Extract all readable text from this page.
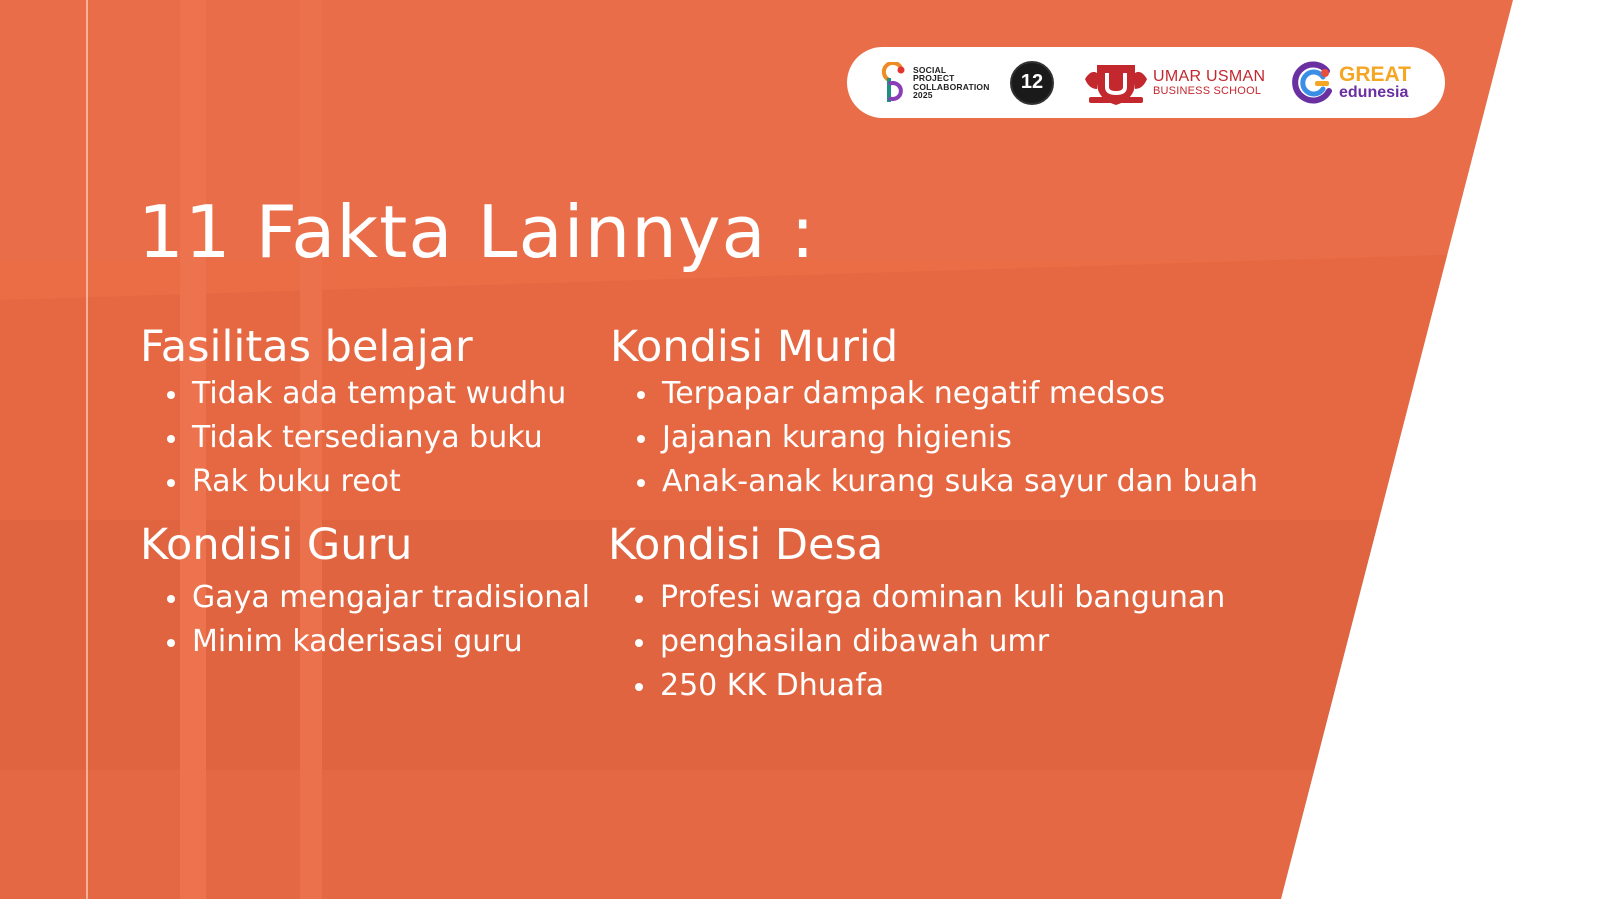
SOCIAL
PROJECT
COLLABORATION
2025
12	UMAR USMAN
BUSINESS SCHOOL
GREAT
edunesia
11 Fakta Lainnya :
Fasilitas belajar
Tidak ada tempat wudhu
Tidak tersedianya buku
Rak buku reot
Kondisi Murid
Terpapar dampak negatif medsos
Jajanan kurang higienis
Anak-anak kurang suka sayur dan buah
Kondisi Guru
Gaya mengajar tradisional
Minim kaderisasi guru
Kondisi Desa
Profesi warga dominan kuli bangunan
penghasilan dibawah umr
250 KK Dhuafa
